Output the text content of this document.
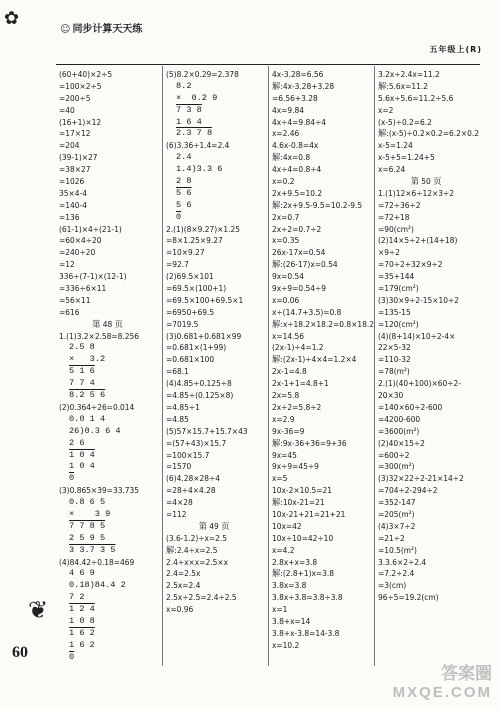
✿
☺ 同步计算天天练
五年级上(R)
(60+40)×2÷5
=100×2÷5
=200÷5
=40
(16+1)×12
=17×12
=204
(39-1)×27
=38×27
=1026
35×4-4
=140-4
=136
(61-1)×4÷(21-1)
=60×4÷20
=240÷20
=12
336÷(7-1)×(12-1)
=336÷6×11
=56×11
=616
第 48 页
1.(1)3.2×2.58=8.256
2.5 8
×   3.2
5 1 6
7 7 4
8.2 5 6
(2)0.364÷26=0.014
0.0 1 4
26)0.3 6 4
2 6
1 0 4
1 0 4
0
(3)0.865×39=33.735
0.8 6 5
×    3 9
7 7 8 5
2 5 9 5
3 3.7 3 5
(4)84.42÷0.18=469
4 6 9
0.18)84.4 2
7 2
1 2 4
1 0 8
1 6 2
1 6 2
0
(5)8.2×0.29=2.378
8.2
×  0.2 9
7 3 8
1 6 4
2.3 7 8
(6)3.36÷1.4=2.4
2.4
1.4)3.3 6
2 8
5 6
5 6
0
2.(1)(8×9.27)×1.25
=8×1.25×9.27
=10×9.27
=92.7
(2)69.5×101
=69.5×(100+1)
=69.5×100+69.5×1
=6950+69.5
=7019.5
(3)0.681+0.681×99
=0.681×(1+99)
=0.681×100
=68.1
(4)4.85÷0.125÷8
=4.85÷(0.125×8)
=4.85÷1
=4.85
(5)57×15.7+15.7×43
=(57+43)×15.7
=100×15.7
=1570
(6)4.28×28÷4
=28÷4×4.28
=4×28
=112
第 49 页
(3.6-1.2)÷x=2.5
解:2.4÷x=2.5
2.4÷x×x=2.5×x
2.4=2.5x
2.5x=2.4
2.5x÷2.5=2.4÷2.5
x=0.96
4x-3.28=6.56
解:4x-3.28+3.28
=6.56+3.28
4x=9.84
4x÷4=9.84÷4
x=2.46
4.6x-0.8=4x
解:4x=0.8
4x÷4=0.8÷4
x=0.2
2x+9.5=10.2
解:2x+9.5-9.5=10.2-9.5
2x=0.7
2x÷2=0.7÷2
x=0.35
26x-17x=0.54
解:(26-17)x=0.54
9x=0.54
9x÷9=0.54÷9
x=0.06
x÷(14.7+3.5)=0.8
解:x÷18.2×18.2=0.8×18.2
x=14.56
(2x-1)÷4=1.2
解:(2x-1)÷4×4=1.2×4
2x-1=4.8
2x-1+1=4.8+1
2x=5.8
2x÷2=5.8÷2
x=2.9
9x-36=9
解:9x-36+36=9+36
9x=45
9x÷9=45÷9
x=5
10x-2×10.5=21
解:10x-21=21
10x-21+21=21+21
10x=42
10x÷10=42÷10
x=4.2
2.8x+x=3.8
解:(2.8+1)x=3.8
3.8x=3.8
3.8x÷3.8=3.8÷3.8
x=1
3.8+x=14
3.8+x-3.8=14-3.8
x=10.2
3.2x÷2.4x=11.2
解:5.6x=11.2
5.6x÷5.6=11.2÷5.6
x=2
(x-5)÷0.2=6.2
解:(x-5)÷0.2×0.2=6.2×0.2
x-5=1.24
x-5+5=1.24+5
x=6.24
第 50 页
1.(1)12×6÷12×3÷2
=72÷36÷2
=72+18
=90(cm²)
(2)14×5÷2+(14+18)
×9÷2
=70÷2+32×9÷2
=35+144
=179(cm²)
(3)30×9÷2-15×10÷2
=135-15
=120(cm²)
(4)(8+14)×10÷2-4×
22×5-32
=110-32
=78(m²)
2.(1)(40+100)×60÷2-
20×30
=140×60÷2-600
=4200-600
=3600(m²)
(2)40×15÷2
=600÷2
=300(m²)
(3)32×22÷2-21×14÷2
=704÷2-294÷2
=352-147
=205(m²)
(4)3×7÷2
=21÷2
=10.5(m²)
3.3.6×2÷2.4
=7.2÷2.4
=3(cm)
96÷5=19.2(cm)
❦
60
答案圈
MXQE.COM
